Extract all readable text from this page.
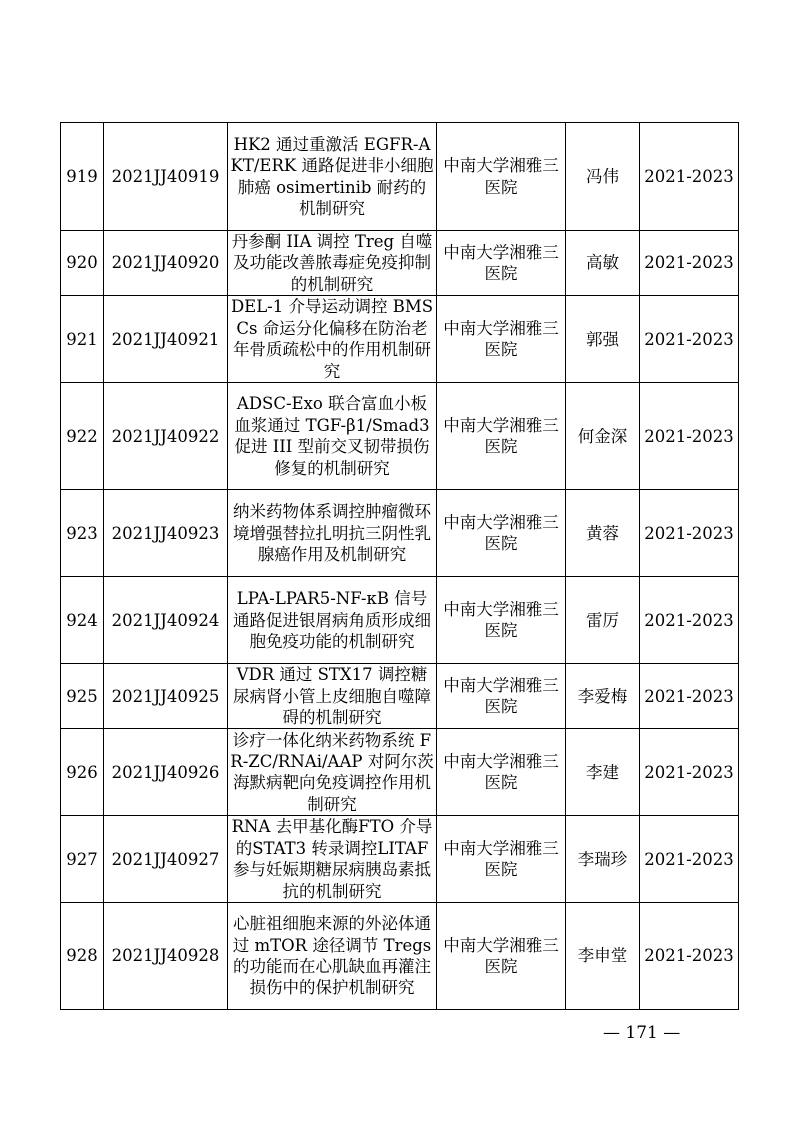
919	2021JJ40919	HK2 通过重激活 EGFR-AKT/ERK 通路促进非小细胞肺癌 osimertinib 耐药的机制研究	中南大学湘雅三医院	冯伟	2021-2023
920	2021JJ40920	丹参酮 IIA 调控 Treg 自噬及功能改善脓毒症免疫抑制的机制研究	中南大学湘雅三医院	高敏	2021-2023
921	2021JJ40921	DEL-1 介导运动调控 BMSCs 命运分化偏移在防治老年骨质疏松中的作用机制研究	中南大学湘雅三医院	郭强	2021-2023
922	2021JJ40922	ADSC-Exo 联合富血小板血浆通过 TGF-β1/Smad3 促进 III 型前交叉韧带损伤修复的机制研究	中南大学湘雅三医院	何金深	2021-2023
923	2021JJ40923	纳米药物体系调控肿瘤微环境增强替拉扎明抗三阴性乳腺癌作用及机制研究	中南大学湘雅三医院	黄蓉	2021-2023
924	2021JJ40924	LPA-LPAR5-NF-κB 信号通路促进银屑病角质形成细胞免疫功能的机制研究	中南大学湘雅三医院	雷厉	2021-2023
925	2021JJ40925	VDR 通过 STX17 调控糖尿病肾小管上皮细胞自噬障碍的机制研究	中南大学湘雅三医院	李爱梅	2021-2023
926	2021JJ40926	诊疗一体化纳米药物系统 FR-ZC/RNAi/AAP 对阿尔茨海默病靶向免疫调控作用机制研究	中南大学湘雅三医院	李建	2021-2023
927	2021JJ40927	RNA 去甲基化酶FTO 介导的STAT3 转录调控LITAF参与妊娠期糖尿病胰岛素抵抗的机制研究	中南大学湘雅三医院	李瑞珍	2021-2023
928	2021JJ40928	心脏祖细胞来源的外泌体通过 mTOR 途径调节 Tregs 的功能而在心肌缺血再灌注损伤中的保护机制研究	中南大学湘雅三医院	李申堂	2021-2023
— 171 —
